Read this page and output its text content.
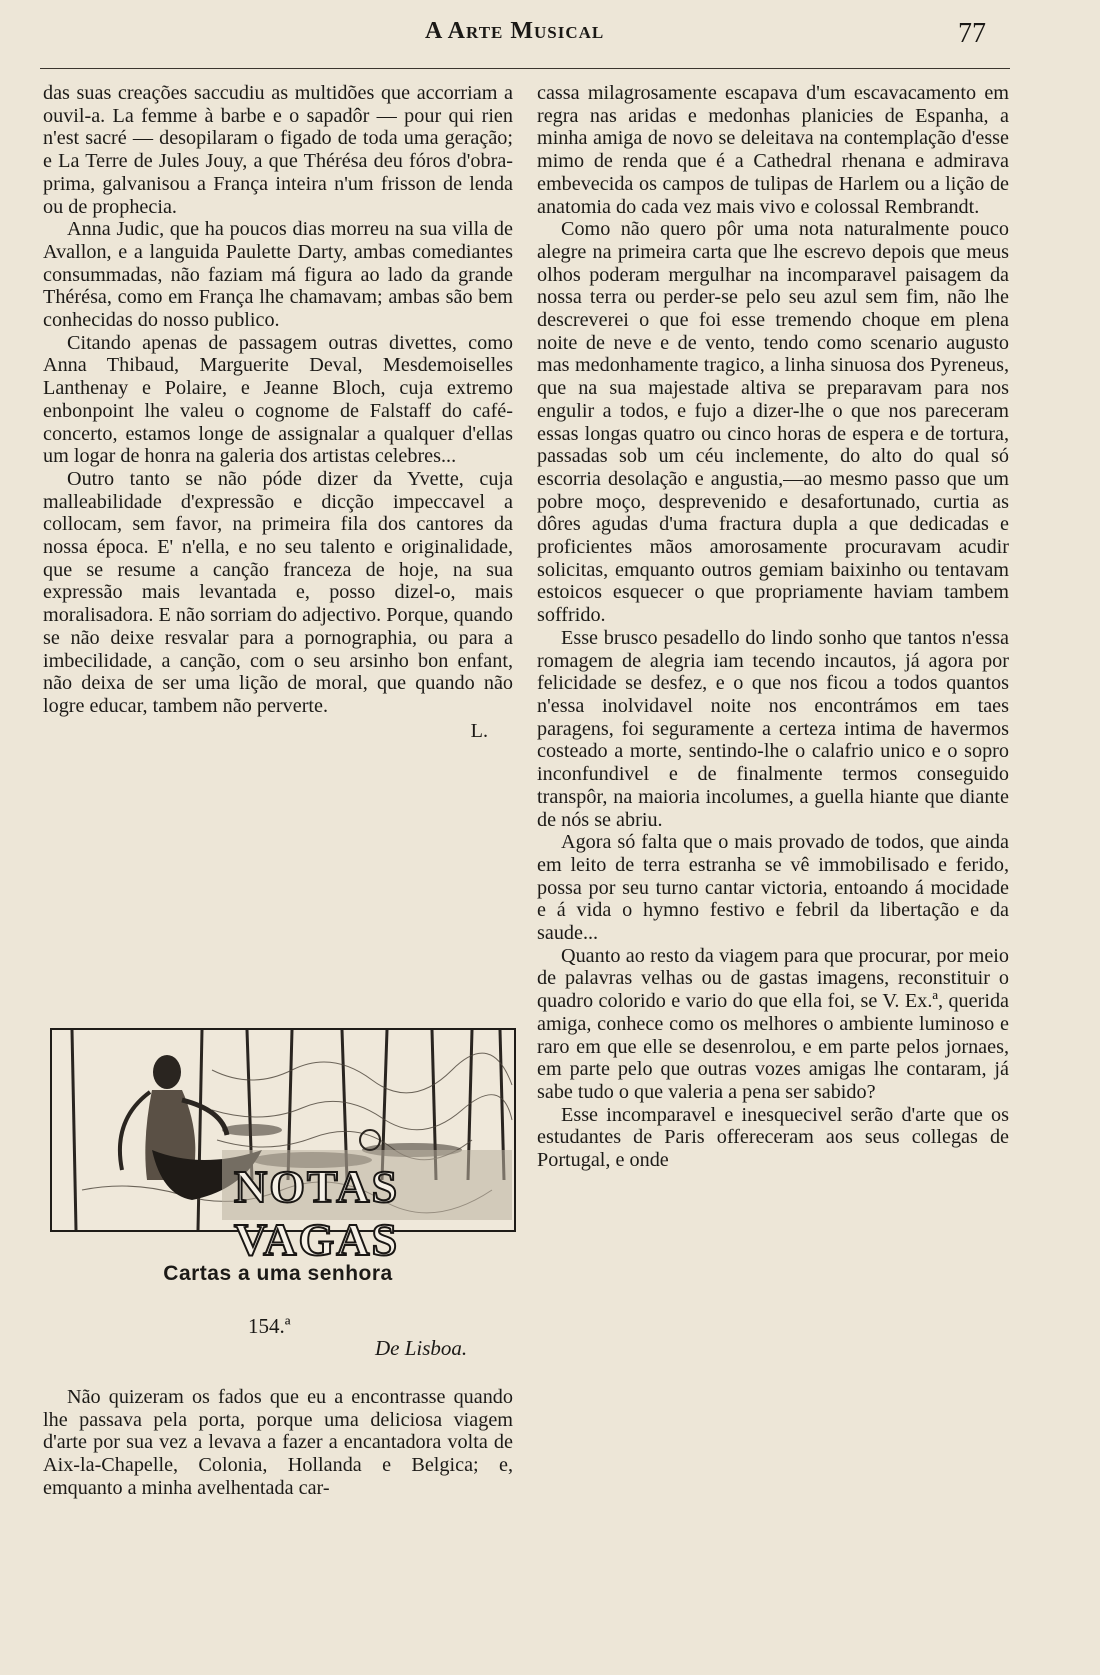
A Arte Musical	77

das suas creações saccudiu as multidões que accorriam a ouvil-a. La femme à barbe e o sapadôr — pour qui rien n'est sacré — desopilaram o figado de toda uma geração; e La Terre de Jules Jouy, a que Thérésa deu fóros d'obra-prima, galvanisou a França inteira n'um frisson de lenda ou de prophecia.

Anna Judic, que ha poucos dias morreu na sua villa de Avallon, e a languida Paulette Darty, ambas comediantes consummadas, não faziam má figura ao lado da grande Thérésa, como em França lhe chamavam; ambas são bem conhecidas do nosso publico.

Citando apenas de passagem outras divettes, como Anna Thibaud, Marguerite Deval, Mesdemoiselles Lanthenay e Polaire, e Jeanne Bloch, cuja extremo enbonpoint lhe valeu o cognome de Falstaff do café-concerto, estamos longe de assignalar a qualquer d'ellas um logar de honra na galeria dos artistas celebres...

Outro tanto se não póde dizer da Yvette, cuja malleabilidade d'expressão e dicção impeccavel a collocam, sem favor, na primeira fila dos cantores da nossa época. E' n'ella, e no seu talento e originalidade, que se resume a canção franceza de hoje, na sua expressão mais levantada e, posso dizel-o, mais moralisadora. E não sorriam do adjectivo. Porque, quando se não deixe resvalar para a pornographia, ou para a imbecilidade, a canção, com o seu arsinho bon enfant, não deixa de ser uma lição de moral, que quando não logre educar, tambem não perverte.

L.

NOTAS VAGAS
Cartas a uma senhora
154.ª
De Lisboa.

Não quizeram os fados que eu a encontrasse quando lhe passava pela porta, porque uma deliciosa viagem d'arte por sua vez a levava a fazer a encantadora volta de Aix-la-Chapelle, Colonia, Hollanda e Belgica; e, emquanto a minha avelhentada car-

cassa milagrosamente escapava d'um escavacamento em regra nas aridas e medonhas planicies de Espanha, a minha amiga de novo se deleitava na contemplação d'esse mimo de renda que é a Cathedral rhenana e admirava embevecida os campos de tulipas de Harlem ou a lição de anatomia do cada vez mais vivo e colossal Rembrandt.

Como não quero pôr uma nota naturalmente pouco alegre na primeira carta que lhe escrevo depois que meus olhos poderam mergulhar na incomparavel paisagem da nossa terra ou perder-se pelo seu azul sem fim, não lhe descreverei o que foi esse tremendo choque em plena noite de neve e de vento, tendo como scenario augusto mas medonhamente tragico, a linha sinuosa dos Pyreneus, que na sua majestade altiva se preparavam para nos engulir a todos, e fujo a dizer-lhe o que nos pareceram essas longas quatro ou cinco horas de espera e de tortura, passadas sob um céu inclemente, do alto do qual só escorria desolação e angustia,—ao mesmo passo que um pobre moço, desprevenido e desafortunado, curtia as dôres agudas d'uma fractura dupla a que dedicadas e proficientes mãos amorosamente procuravam acudir solicitas, emquanto outros gemiam baixinho ou tentavam estoicos esquecer o que propriamente haviam tambem soffrido.

Esse brusco pesadello do lindo sonho que tantos n'essa romagem de alegria iam tecendo incautos, já agora por felicidade se desfez, e o que nos ficou a todos quantos n'essa inolvidavel noite nos encontrámos em taes paragens, foi seguramente a certeza intima de havermos costeado a morte, sentindo-lhe o calafrio unico e o sopro inconfundivel e de finalmente termos conseguido transpôr, na maioria incolumes, a guella hiante que diante de nós se abriu.

Agora só falta que o mais provado de todos, que ainda em leito de terra estranha se vê immobilisado e ferido, possa por seu turno cantar victoria, entoando á mocidade e á vida o hymno festivo e febril da libertação e da saude...

Quanto ao resto da viagem para que procurar, por meio de palavras velhas ou de gastas imagens, reconstituir o quadro colorido e vario do que ella foi, se V. Ex.ª, querida amiga, conhece como os melhores o ambiente luminoso e raro em que elle se desenrolou, e em parte pelos jornaes, em parte pelo que outras vozes amigas lhe contaram, já sabe tudo o que valeria a pena ser sabido?

Esse incomparavel e inesquecivel serão d'arte que os estudantes de Paris offereceram aos seus collegas de Portugal, e onde
